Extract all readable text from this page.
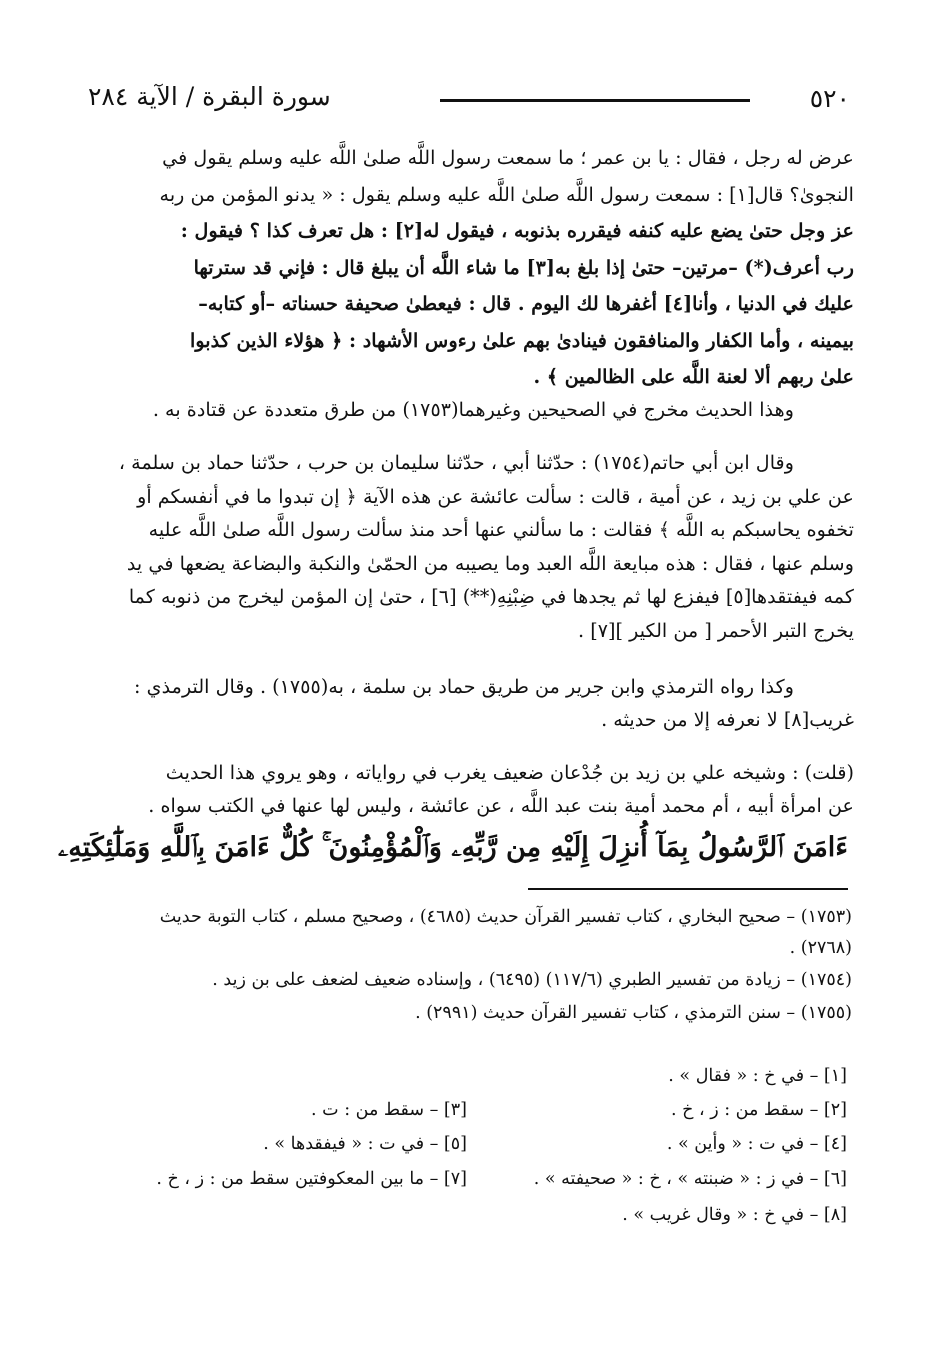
٥٢٠
سورة البقرة / الآية ٢٨٤
عرض له رجل ، فقال : يا بن عمر ؛ ما سمعت رسول اللَّه صلىٰ اللَّه عليه وسلم يقول في
النجوىٰ؟ قال[١] : سمعت رسول اللَّه صلىٰ اللَّه عليه وسلم يقول : « يدنو المؤمن من ربه
عز وجل حتىٰ يضع عليه كنفه فيقرره بذنوبه ، فيقول له[٢] : هل تعرف كذا ؟ فيقول :
رب أعرف(*) –مرتين– حتىٰ إذا بلغ به[٣] ما شاء اللَّه أن يبلغ قال : فإني قد سترتها
عليك في الدنيا ، وأنا[٤] أغفرها لك اليوم . قال : فيعطىٰ صحيفة حسناته –أو كتابه–
بيمينه ، وأما الكفار والمنافقون فينادىٰ بهم علىٰ رءوس الأشهاد : ﴿ هؤلاء الذين كذبوا
علىٰ ربهم ألا لعنة اللَّه على الظالمين ﴾ .
وهذا الحديث مخرج في الصحيحين وغيرهما(١٧٥٣) من طرق متعددة عن قتادة به .
وقال ابن أبي حاتم(١٧٥٤) : حدّثنا أبي ، حدّثنا سليمان بن حرب ، حدّثنا حماد بن سلمة ،
عن علي بن زيد ، عن أمية ، قالت : سألت عائشة عن هذه الآية ﴿ إن تبدوا ما في أنفسكم أو
تخفوه يحاسبكم به اللَّه ﴾ فقالت : ما سألني عنها أحد منذ سألت رسول اللَّه صلىٰ اللَّه عليه
وسلم عنها ، فقال : هذه مبايعة اللَّه العبد وما يصيبه من الحمّىٰ والنكبة والبضاعة يضعها في يد
كمه فيفتقدها[٥] فيفزع لها ثم يجدها في ضِبْنِهِ(**) [٦] ، حتىٰ إن المؤمن ليخرج من ذنوبه كما
يخرج التبر الأحمر [ من الكير ][٧] .
وكذا رواه الترمذي وابن جرير من طريق حماد بن سلمة ، به(١٧٥٥) . وقال الترمذي :
غريب[٨] لا نعرفه إلا من حديثه .
(قلت) : وشيخه علي بن زيد بن جُدْعان ضعيف يغرب في رواياته ، وهو يروي هذا الحديث
عن امرأة أبيه ، أم محمد أمية بنت عبد اللَّه ، عن عائشة ، وليس لها عنها في الكتب سواه .
ءَامَنَ ٱلرَّسُولُ بِمَآ أُنزِلَ إِلَيْهِ مِن رَّبِّهِۦ وَٱلْمُؤْمِنُونَ ۚ كُلٌّ ءَامَنَ بِٱللَّهِ وَمَلَٰٓئِكَتِهِۦ
(١٧٥٣) – صحيح البخاري ، كتاب تفسير القرآن حديث (٤٦٨٥) ، وصحيح مسلم ، كتاب التوبة حديث
(٢٧٦٨) .
(١٧٥٤) – زيادة من تفسير الطبري (١١٧/٦) (٦٤٩٥) ، وإسناده ضعيف لضعف على بن زيد .
(١٧٥٥) – سنن الترمذي ، كتاب تفسير القرآن حديث (٢٩٩١) .
[١] – في خ : « فقال » .
[٢] – سقط من : ز ، خ .
[٣] – سقط من : ت .
[٤] – في ت : « وأين » .
[٥] – في ت : « فيفقدها » .
[٦] – في ز : « ضبنته » ، خ : « صحيفته » .
[٧] – ما بين المعكوفتين سقط من : ز ، خ .
[٨] – في خ : « وقال غريب » .
